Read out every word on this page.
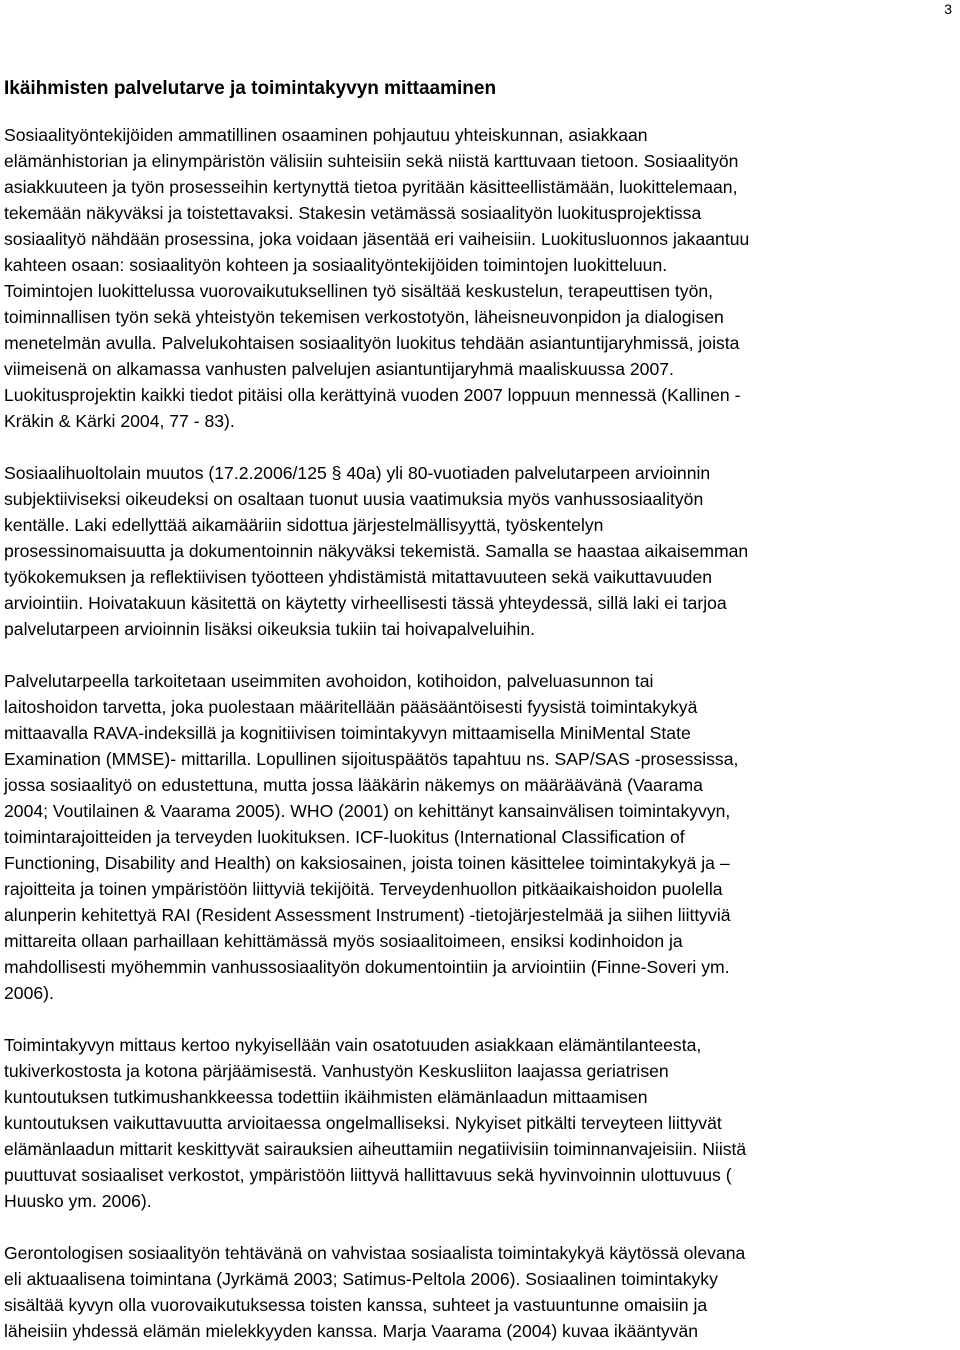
3
Ikäihmisten palvelutarve ja toimintakyvyn mittaaminen
Sosiaalityöntekijöiden ammatillinen osaaminen pohjautuu yhteiskunnan, asiakkaan
elämänhistorian ja elinympäristön välisiin suhteisiin sekä niistä karttuvaan tietoon. Sosiaalityön
asiakkuuteen ja työn prosesseihin kertynyttä tietoa pyritään käsitteellistämään, luokittelemaan,
tekemään näkyväksi ja toistettavaksi. Stakesin vetämässä sosiaalityön luokitusprojektissa
sosiaalityö nähdään prosessina, joka voidaan jäsentää eri vaiheisiin. Luokitusluonnos jakaantuu
kahteen osaan: sosiaalityön kohteen ja sosiaalityöntekijöiden toimintojen luokitteluun.
Toimintojen luokittelussa vuorovaikutuksellinen työ sisältää keskustelun, terapeuttisen työn,
toiminnallisen työn sekä yhteistyön tekemisen verkostotyön, läheisneuvonpidon ja dialogisen
menetelmän avulla. Palvelukohtaisen sosiaalityön luokitus tehdään asiantuntijaryhmissä, joista
viimeisenä on alkamassa vanhusten palvelujen asiantuntijaryhmä maaliskuussa 2007.
Luokitusprojektin kaikki tiedot pitäisi olla kerättyinä vuoden 2007 loppuun mennessä (Kallinen -
Kräkin & Kärki 2004, 77 - 83).
Sosiaalihuoltolain muutos (17.2.2006/125 § 40a) yli 80-vuotiaden palvelutarpeen arvioinnin
subjektiiviseksi oikeudeksi on osaltaan tuonut uusia vaatimuksia myös vanhussosiaalityön
kentälle. Laki edellyttää aikamääriin sidottua järjestelmällisyyttä, työskentelyn
prosessinomaisuutta ja dokumentoinnin näkyväksi tekemistä. Samalla se haastaa aikaisemman
työkokemuksen ja reflektiivisen työotteen yhdistämistä mitattavuuteen sekä vaikuttavuuden
arviointiin. Hoivatakuun käsitettä on käytetty virheellisesti tässä yhteydessä, sillä laki ei tarjoa
palvelutarpeen arvioinnin lisäksi oikeuksia tukiin tai hoivapalveluihin.
Palvelutarpeella tarkoitetaan useimmiten avohoidon, kotihoidon, palveluasunnon tai
laitoshoidon tarvetta, joka puolestaan määritellään pääsääntöisesti fyysistä toimintakykyä
mittaavalla RAVA-indeksillä ja kognitiivisen toimintakyvyn mittaamisella MiniMental State
Examination (MMSE)- mittarilla. Lopullinen sijoituspäätös tapahtuu ns. SAP/SAS -prosessissa,
jossa sosiaalityö on edustettuna, mutta jossa lääkärin näkemys on määräävänä (Vaarama
2004; Voutilainen & Vaarama 2005). WHO (2001) on kehittänyt kansainvälisen toimintakyvyn,
toimintarajoitteiden ja terveyden luokituksen. ICF-luokitus (International Classification of
Functioning, Disability and Health) on kaksiosainen, joista toinen käsittelee toimintakykyä ja –
rajoitteita ja toinen ympäristöön liittyviä tekijöitä. Terveydenhuollon pitkäaikaishoidon puolella
alunperin kehitettyä RAI (Resident Assessment Instrument) -tietojärjestelmää ja siihen liittyviä
mittareita ollaan parhaillaan kehittämässä myös sosiaalitoimeen, ensiksi kodinhoidon ja
mahdollisesti myöhemmin vanhussosiaalityön dokumentointiin ja arviointiin (Finne-Soveri ym.
2006).
Toimintakyvyn mittaus kertoo nykyisellään vain osatotuuden asiakkaan elämäntilanteesta,
tukiverkostosta ja kotona pärjäämisestä. Vanhustyön Keskusliiton laajassa geriatrisen
kuntoutuksen tutkimushankkeessa todettiin ikäihmisten elämänlaadun mittaamisen
kuntoutuksen vaikuttavuutta arvioitaessa ongelmalliseksi. Nykyiset pitkälti terveyteen liittyvät
elämänlaadun mittarit keskittyvät sairauksien aiheuttamiin negatiivisiin toiminnanvajeisiin. Niistä
puuttuvat sosiaaliset verkostot, ympäristöön liittyvä hallittavuus sekä hyvinvoinnin ulottuvuus (
Huusko ym. 2006).
Gerontologisen sosiaalityön tehtävänä on vahvistaa sosiaalista toimintakykyä käytössä olevana
eli aktuaalisena toimintana (Jyrkämä 2003; Satimus-Peltola 2006). Sosiaalinen toimintakyky
sisältää kyvyn olla vuorovaikutuksessa toisten kanssa, suhteet ja vastuuntunne omaisiin ja
läheisiin yhdessä elämän mielekkyyden kanssa. Marja Vaarama (2004) kuvaa ikääntyvän
